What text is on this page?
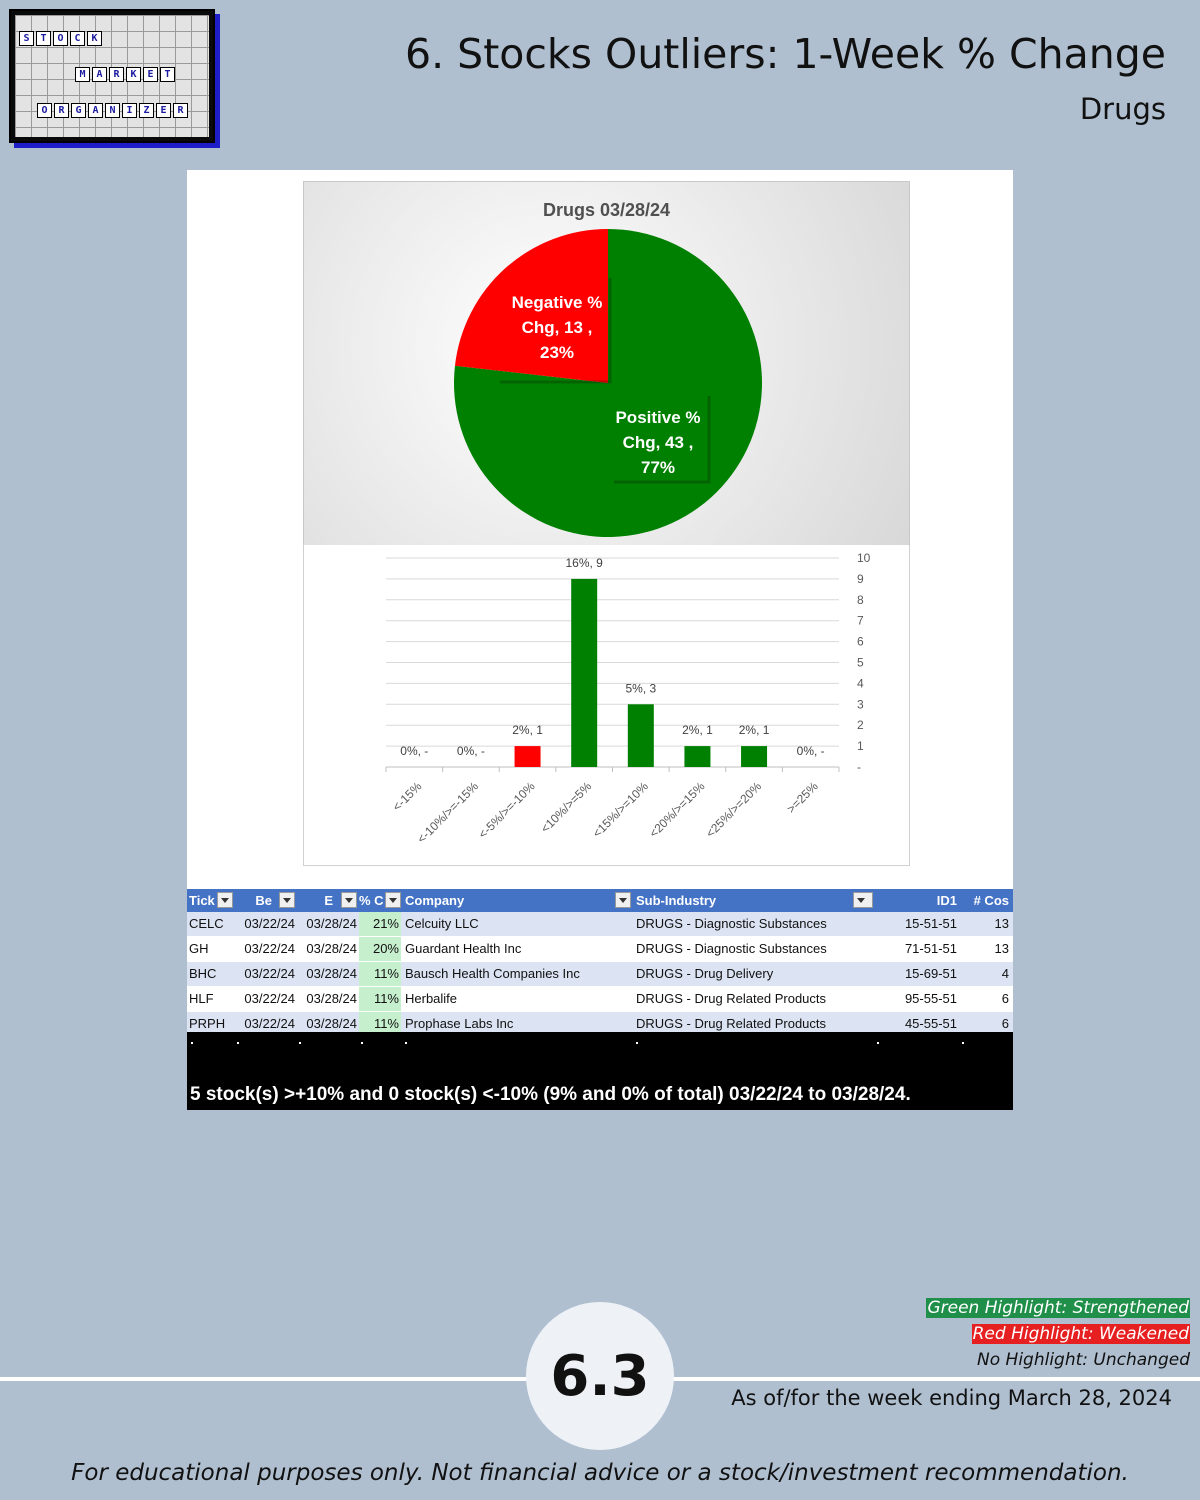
S	T	O	C	K
M	A	R	K	E	T
O	R	G	A	N	I	Z	E	R
6. Stocks Outliers: 1-Week % Change
Drugs
Negative %
Chg, 13 ,
23%
Positive %
Chg, 43 ,
77%
Drugs 03/28/24
-
1
2
3
4
5
6
7
8
9
10
0%, -
<-15%
0%, -
<-10%/>=-15%
2%, 1
<-5%/>=-10%
16%, 9
<10%/>=5%
5%, 3
<15%/>=10%
2%, 1
<20%/>=15%
2%, 1
<25%/>=20%
0%, -
>=25%
Tick	Be	E % C	Company	Sub-Industry	ID1	# Cos
CELC	03/22/24 03/28/24	21% Celcuity LLC	DRUGS - Diagnostic Substances	15-51-51	13
GH	03/22/24 03/28/24	20% Guardant Health Inc	DRUGS - Diagnostic Substances	71-51-51	13
BHC	03/22/24 03/28/24	11% Bausch Health Companies Inc	DRUGS - Drug Delivery	15-69-51	4
HLF	03/22/24 03/28/24	11% Herbalife	DRUGS - Drug Related Products	95-55-51	6
PRPH	03/22/24 03/28/24	11% Prophase Labs Inc	DRUGS - Drug Related Products	45-55-51	6
5 stock(s) >+10% and 0 stock(s) <-10% (9% and 0% of total) 03/22/24 to 03/28/24.
Green Highlight: Strengthened
Red Highlight: Weakened
No Highlight: Unchanged
6.3	As of/for the week ending March 28, 2024
For educational purposes only. Not financial advice or a stock/investment recommendation.
